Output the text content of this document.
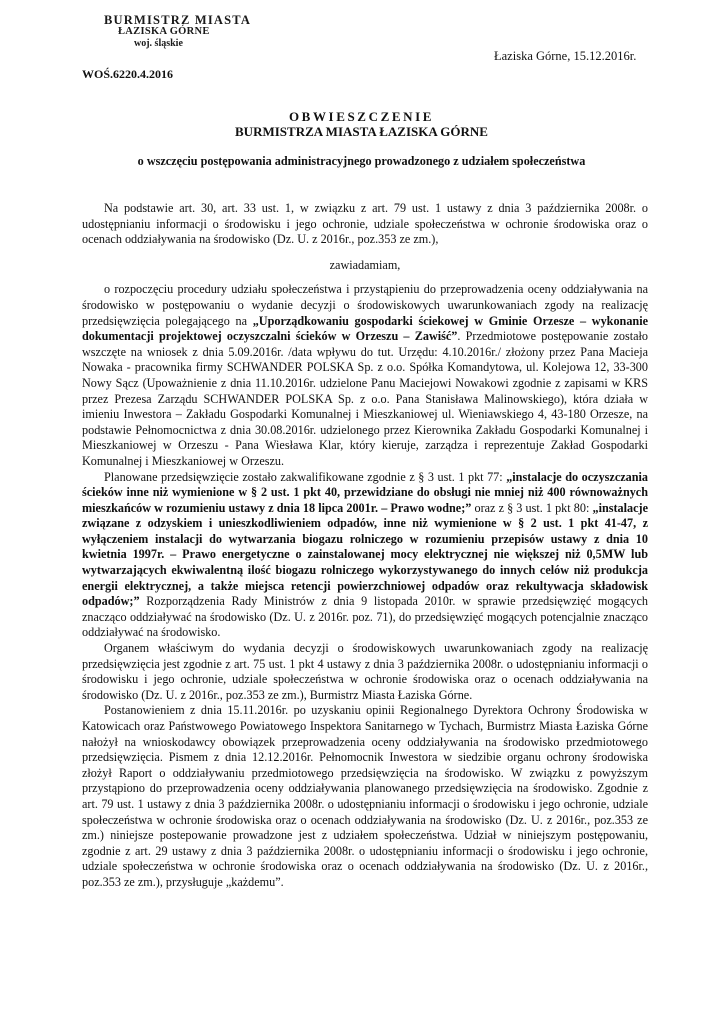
BURMISTRZ MIASTA
ŁAZISKA GÓRNE
woj. śląskie
WOŚ.6220.4.2016
Łaziska Górne, 15.12.2016r.
OBWIESZCZENIE
BURMISTRZA MIASTA ŁAZISKA GÓRNE
o wszczęciu postępowania administracyjnego prowadzonego z udziałem społeczeństwa

Na podstawie art. 30, art. 33 ust. 1, w związku z art. 79 ust. 1 ustawy z dnia 3 października 2008r. o udostępnianiu informacji o środowisku i jego ochronie, udziale społeczeństwa w ochronie środowiska oraz o ocenach oddziaływania na środowisko (Dz. U. z 2016r., poz.353 ze zm.),

zawiadamiam,

o rozpoczęciu procedury udziału społeczeństwa i przystąpieniu do przeprowadzenia oceny oddziaływania na środowisko w postępowaniu o wydanie decyzji o środowiskowych uwarunkowaniach zgody na realizację przedsięwzięcia polegającego na „Uporządkowaniu gospodarki ściekowej w Gminie Orzesze – wykonanie dokumentacji projektowej oczyszczalni ścieków w Orzeszu – Zawiść”. Przedmiotowe postępowanie zostało wszczęte na wniosek z dnia 5.09.2016r. /data wpływu do tut. Urzędu: 4.10.2016r./ złożony przez Pana Macieja Nowaka - pracownika firmy SCHWANDER POLSKA Sp. z o.o. Spółka Komandytowa, ul. Kolejowa 12, 33-300 Nowy Sącz (Upoważnienie z dnia 11.10.2016r. udzielone Panu Maciejowi Nowakowi zgodnie z zapisami w KRS przez Prezesa Zarządu SCHWANDER POLSKA Sp. z o.o. Pana Stanisława Malinowskiego), która działa w imieniu Inwestora – Zakładu Gospodarki Komunalnej i Mieszkaniowej ul. Wieniawskiego 4, 43-180 Orzesze, na podstawie Pełnomocnictwa z dnia 30.08.2016r. udzielonego przez Kierownika Zakładu Gospodarki Komunalnej i Mieszkaniowej w Orzeszu - Pana Wiesława Klar, który kieruje, zarządza i reprezentuje Zakład Gospodarki Komunalnej i Mieszkaniowej w Orzeszu.

Planowane przedsięwzięcie zostało zakwalifikowane zgodnie z § 3 ust. 1 pkt 77: „instalacje do oczyszczania ścieków inne niż wymienione w § 2 ust. 1 pkt 40, przewidziane do obsługi nie mniej niż 400 równoważnych mieszkańców w rozumieniu ustawy z dnia 18 lipca 2001r. – Prawo wodne;” oraz z § 3 ust. 1 pkt 80: „instalacje związane z odzyskiem i unieszkodliwieniem odpadów, inne niż wymienione w § 2 ust. 1 pkt 41-47, z wyłączeniem instalacji do wytwarzania biogazu rolniczego w rozumieniu przepisów ustawy z dnia 10 kwietnia 1997r. – Prawo energetyczne o zainstalowanej mocy elektrycznej nie większej niż 0,5MW lub wytwarzających ekwiwalentną ilość biogazu rolniczego wykorzystywanego do innych celów niż produkcja energii elektrycznej, a także miejsca retencji powierzchniowej odpadów oraz rekultywacja składowisk odpadów;” Rozporządzenia Rady Ministrów z dnia 9 listopada 2010r. w sprawie przedsięwzięć mogących znacząco oddziaływać na środowisko (Dz. U. z 2016r. poz. 71), do przedsięwzięć mogących potencjalnie znacząco oddziaływać na środowisko.

Organem właściwym do wydania decyzji o środowiskowych uwarunkowaniach zgody na realizację przedsięwzięcia jest zgodnie z art. 75 ust. 1 pkt 4 ustawy z dnia 3 października 2008r. o udostępnianiu informacji o środowisku i jego ochronie, udziale społeczeństwa w ochronie środowiska oraz o ocenach oddziaływania na środowisko (Dz. U. z 2016r., poz.353 ze zm.), Burmistrz Miasta Łaziska Górne.

Postanowieniem z dnia 15.11.2016r. po uzyskaniu opinii Regionalnego Dyrektora Ochrony Środowiska w Katowicach oraz Państwowego Powiatowego Inspektora Sanitarnego w Tychach, Burmistrz Miasta Łaziska Górne nałożył na wnioskodawcy obowiązek przeprowadzenia oceny oddziaływania na środowisko przedmiotowego przedsięwzięcia. Pismem z dnia 12.12.2016r. Pełnomocnik Inwestora w siedzibie organu ochrony środowiska złożył Raport o oddziaływaniu przedmiotowego przedsięwzięcia na środowisko. W związku z powyższym przystąpiono do przeprowadzenia oceny oddziaływania planowanego przedsięwzięcia na środowisko. Zgodnie z art. 79 ust. 1 ustawy z dnia 3 października 2008r. o udostępnianiu informacji o środowisku i jego ochronie, udziale społeczeństwa w ochronie środowiska oraz o ocenach oddziaływania na środowisko (Dz. U. z 2016r., poz.353 ze zm.) niniejsze postepowanie prowadzone jest z udziałem społeczeństwa. Udział w niniejszym postępowaniu, zgodnie z art. 29 ustawy z dnia 3 października 2008r. o udostępnianiu informacji o środowisku i jego ochronie, udziale społeczeństwa w ochronie środowiska oraz o ocenach oddziaływania na środowisko (Dz. U. z 2016r., poz.353 ze zm.), przysługuje „każdemu”.
